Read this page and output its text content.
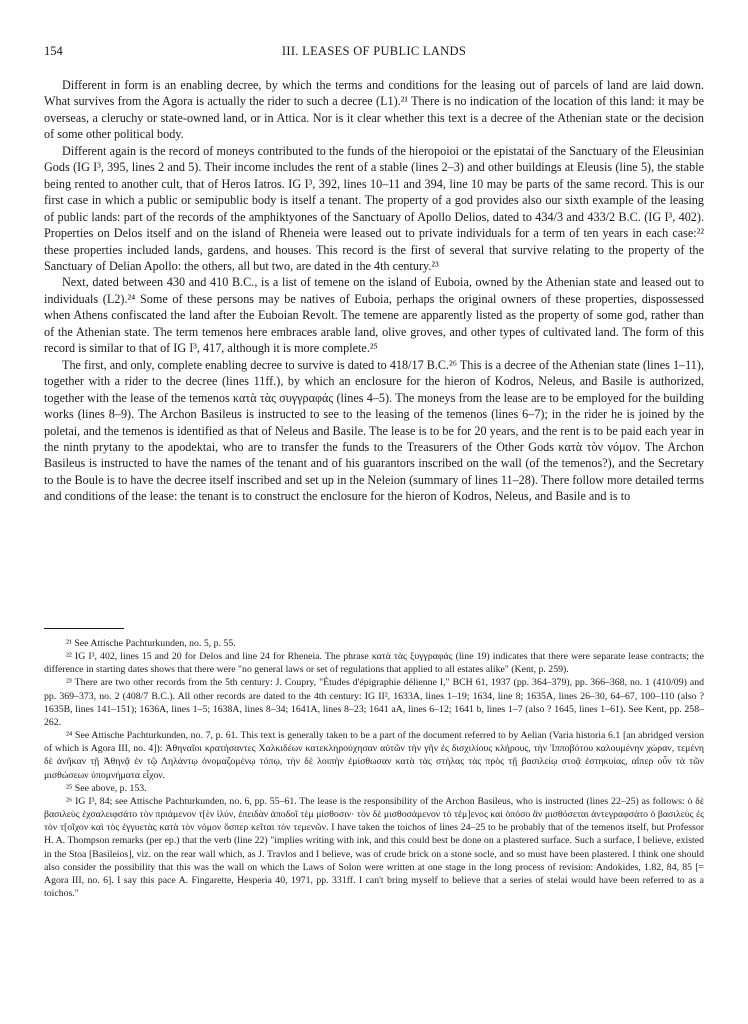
154	III. LEASES OF PUBLIC LANDS

Different in form is an enabling decree, by which the terms and conditions for the leasing out of parcels of land are laid down. What survives from the Agora is actually the rider to such a decree (L1).²¹ There is no indication of the location of this land: it may be overseas, a cleruchy or state-owned land, or in Attica. Nor is it clear whether this text is a decree of the Athenian state or the decision of some other political body.

Different again is the record of moneys contributed to the funds of the hieropoioi or the epistatai of the Sanctuary of the Eleusinian Gods (IG I³, 395, lines 2 and 5). Their income includes the rent of a stable (lines 2–3) and other buildings at Eleusis (line 5), the stable being rented to another cult, that of Heros Iatros. IG I³, 392, lines 10–11 and 394, line 10 may be parts of the same record. This is our first case in which a public or semipublic body is itself a tenant. The property of a god provides also our sixth example of the leasing of public lands: part of the records of the amphiktyones of the Sanctuary of Apollo Delios, dated to 434/3 and 433/2 B.C. (IG I³, 402). Properties on Delos itself and on the island of Rheneia were leased out to private individuals for a term of ten years in each case:²² these properties included lands, gardens, and houses. This record is the first of several that survive relating to the property of the Sanctuary of Delian Apollo: the others, all but two, are dated in the 4th century.²³

Next, dated between 430 and 410 B.C., is a list of temene on the island of Euboia, owned by the Athenian state and leased out to individuals (L2).²⁴ Some of these persons may be natives of Euboia, perhaps the original owners of these properties, dispossessed when Athens confiscated the land after the Euboian Revolt. The temene are apparently listed as the property of some god, rather than of the Athenian state. The term temenos here embraces arable land, olive groves, and other types of cultivated land. The form of this record is similar to that of IG I³, 417, although it is more complete.²⁵

The first, and only, complete enabling decree to survive is dated to 418/17 B.C.²⁶ This is a decree of the Athenian state (lines 1–11), together with a rider to the decree (lines 11ff.), by which an enclosure for the hieron of Kodros, Neleus, and Basile is authorized, together with the lease of the temenos κατὰ τὰς συγγραφάς (lines 4–5). The moneys from the lease are to be employed for the building works (lines 8–9). The Archon Basileus is instructed to see to the leasing of the temenos (lines 6–7); in the rider he is joined by the poletai, and the temenos is identified as that of Neleus and Basile. The lease is to be for 20 years, and the rent is to be paid each year in the ninth prytany to the apodektai, who are to transfer the funds to the Treasurers of the Other Gods κατὰ τὸν νόμον. The Archon Basileus is instructed to have the names of the tenant and of his guarantors inscribed on the wall (of the temenos?), and the Secretary to the Boule is to have the decree itself inscribed and set up in the Neleion (summary of lines 11–28). There follow more detailed terms and conditions of the lease: the tenant is to construct the enclosure for the hieron of Kodros, Neleus, and Basile and is to

²¹ See Attische Pachturkunden, no. 5, p. 55.

²² IG I³, 402, lines 15 and 20 for Delos and line 24 for Rheneia. The phrase κατὰ τὰς ξυγγραφάς (line 19) indicates that there were separate lease contracts; the difference in starting dates shows that there were "no general laws or set of regulations that applied to all estates alike" (Kent, p. 259).

²³ There are two other records from the 5th century: J. Coupry, "Études d'épigraphie délienne I," BCH 61, 1937 (pp. 364–379), pp. 366–368, no. 1 (410/09) and pp. 369–373, no. 2 (408/7 B.C.). All other records are dated to the 4th century: IG II², 1633A, lines 1–19; 1634, line 8; 1635A, lines 26–30, 64–67, 100–110 (also ? 1635B, lines 141–151); 1636A, lines 1–5; 1638A, lines 8–34; 1641A, lines 8–23; 1641 aA, lines 6–12; 1641 b, lines 1–7 (also ? 1645, lines 1–61). See Kent, pp. 258–262.

²⁴ See Attische Pachturkunden, no. 7, p. 61. This text is generally taken to be a part of the document referred to by Aelian (Varia historia 6.1 [an abridged version of which is Agora III, no. 4]): Ἀθηναῖοι κρατήσαντες Χαλκιδέων κατεκληρούχησαν αὐτῶν τὴν γῆν ἐς δισχιλίους κλήρους, τὴν Ἱπποβότου καλουμένην χώραν, τεμένη δὲ ἀνῆκαν τῇ Ἀθηνᾷ ἐν τῷ Ληλάντῳ ὀνομαζομένῳ τόπῳ, τὴν δὲ λοιπὴν ἐμίσθωσαν κατὰ τὰς στήλας τὰς πρὸς τῇ βασιλείῳ στοᾷ ἑστηκυίας, αἵπερ οὖν τὰ τῶν μισθώσεων ὑπομνήματα εἶχον.

²⁵ See above, p. 153.

²⁶ IG I³, 84; see Attische Pachturkunden, no. 6, pp. 55–61. The lease is the responsibility of the Archon Basileus, who is instructed (lines 22–25) as follows: ὁ δὲ βασιλεὺς ἐχσαλειφσάτο τὸν πριάμενον τ[ὲν ἰλύν, ἐπειδὰν ἀποδοῖ τὲμ μίσθοσιν· τὸν δὲ μισθοσάμενον τὸ τέμ]ενος καὶ ὁπόσο ἂν μισθόσεται ἀντεγραφσάτο ὁ βασιλεὺς ἐς τὸν τ[οῖχον καὶ τὸς ἐγγυετὰς κατὰ τὸν νόμον ὅσπερ κεῖται τὸν τεμενῶν. I have taken the toichos of lines 24–25 to be probably that of the temenos itself, but Professor H. A. Thompson remarks (per ep.) that the verb (line 22) "implies writing with ink, and this could best be done on a plastered surface. Such a surface, I believe, existed in the Stoa [Basileios], viz. on the rear wall which, as J. Travlos and I believe, was of crude brick on a stone socle, and so must have been plastered. I think one should also consider the possibility that this was the wall on which the Laws of Solon were written at one stage in the long process of revision: Andokides, 1.82, 84, 85 [= Agora III, no. 6]. I say this pace A. Fingarette, Hesperia 40, 1971, pp. 331ff. I can't bring myself to believe that a series of stelai would have been referred to as a toichos."
